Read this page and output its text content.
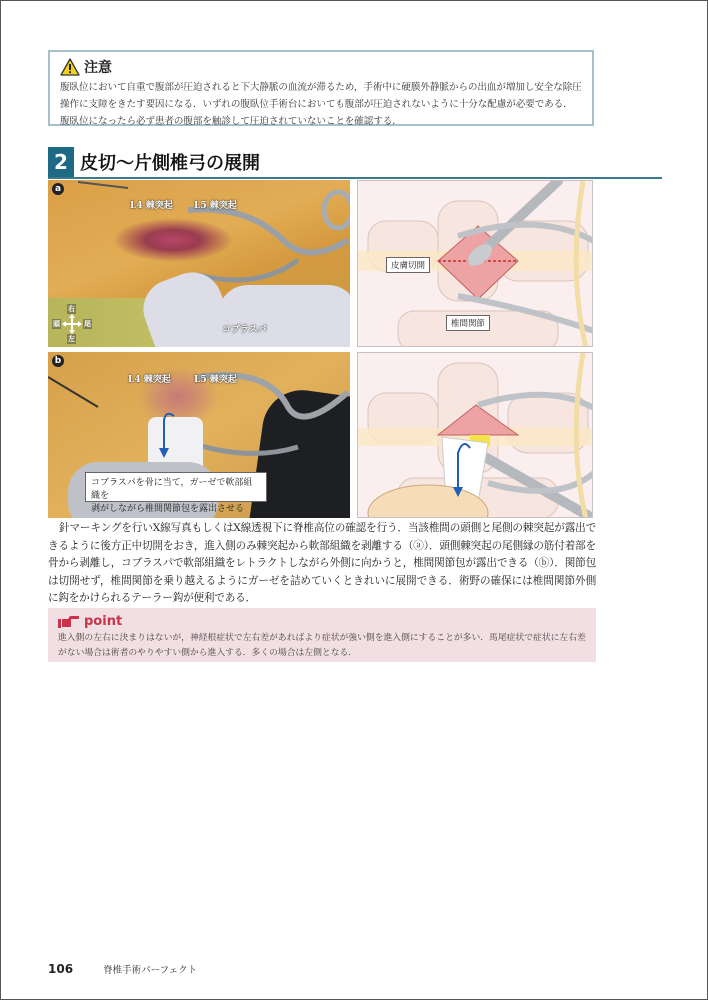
注意
腹臥位において自重で腹部が圧迫されると下大静脈の血流が滞るため，手術中に硬膜外静脈からの出血が増加し安全な除圧操作に支障をきたす要因になる．いずれの腹臥位手術台においても腹部が圧迫されないように十分な配慮が必要である．腹臥位になったら必ず患者の腹部を触診して圧迫されていないことを確認する．
2 皮切～片側椎弓の展開
a
L4 棘突起 L5 棘突起
コブラスパ
右
頭	尾
左
皮膚切開
椎間関節
b
L4 棘突起	L5 棘突起
コブラスパを骨に当て，ガーゼで軟部組織を
剥がしながら椎間関節包を露出させる
針マーキングを行いX線写真もしくはX線透視下に脊椎高位の確認を行う．当該椎間の頭側と尾側の棘突起が露出できるように後方正中切開をおき，進入側のみ棘突起から軟部組織を剥離する（ⓐ）．頭側棘突起の尾側縁の筋付着部を骨から剥離し，コブラスパで軟部組織をレトラクトしながら外側に向かうと，椎間関節包が露出できる（ⓑ）．関節包は切開せず，椎間関節を乗り越えるようにガーゼを詰めていくときれいに展開できる．術野の確保には椎間関節外側に鈎をかけられるテーラー鈎が便利である．
point
進入側の左右に決まりはないが，神経根症状で左右差があればより症状が強い側を進入側にすることが多い．馬尾症状で症状に左右差がない場合は術者のやりやすい側から進入する．多くの場合は左側となる．
106	脊椎手術パーフェクト
